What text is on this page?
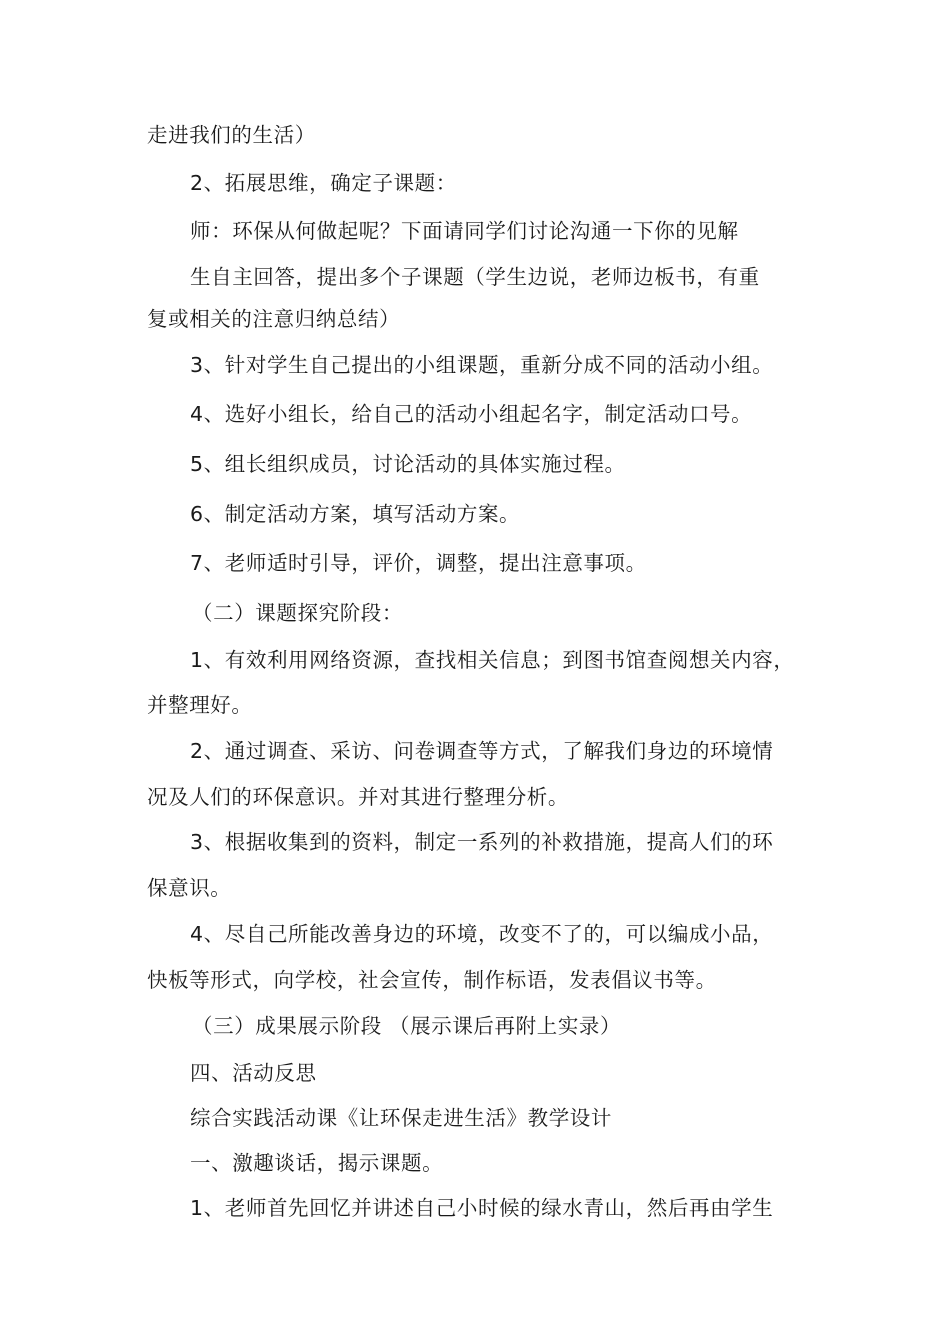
走进我们的生活）
2、拓展思维，确定子课题：
师：环保从何做起呢？下面请同学们讨论沟通一下你的见解
生自主回答，提出多个子课题（学生边说，老师边板书，有重
复或相关的注意归纳总结）
3、针对学生自己提出的小组课题，重新分成不同的活动小组。
4、选好小组长，给自己的活动小组起名字，制定活动口号。
5、组长组织成员，讨论活动的具体实施过程。
6、制定活动方案，填写活动方案。
7、老师适时引导，评价，调整，提出注意事项。
（二）课题探究阶段：
1、有效利用网络资源，查找相关信息；到图书馆查阅想关内容，
并整理好。
2、通过调查、采访、问卷调查等方式，了解我们身边的环境情
况及人们的环保意识。并对其进行整理分析。
3、根据收集到的资料，制定一系列的补救措施，提高人们的环
保意识。
4、尽自己所能改善身边的环境，改变不了的，可以编成小品，
快板等形式，向学校，社会宣传，制作标语，发表倡议书等。
（三）成果展示阶段 （展示课后再附上实录）
四、活动反思
综合实践活动课《让环保走进生活》教学设计
一、激趣谈话，揭示课题。
1、老师首先回忆并讲述自己小时候的绿水青山，然后再由学生
